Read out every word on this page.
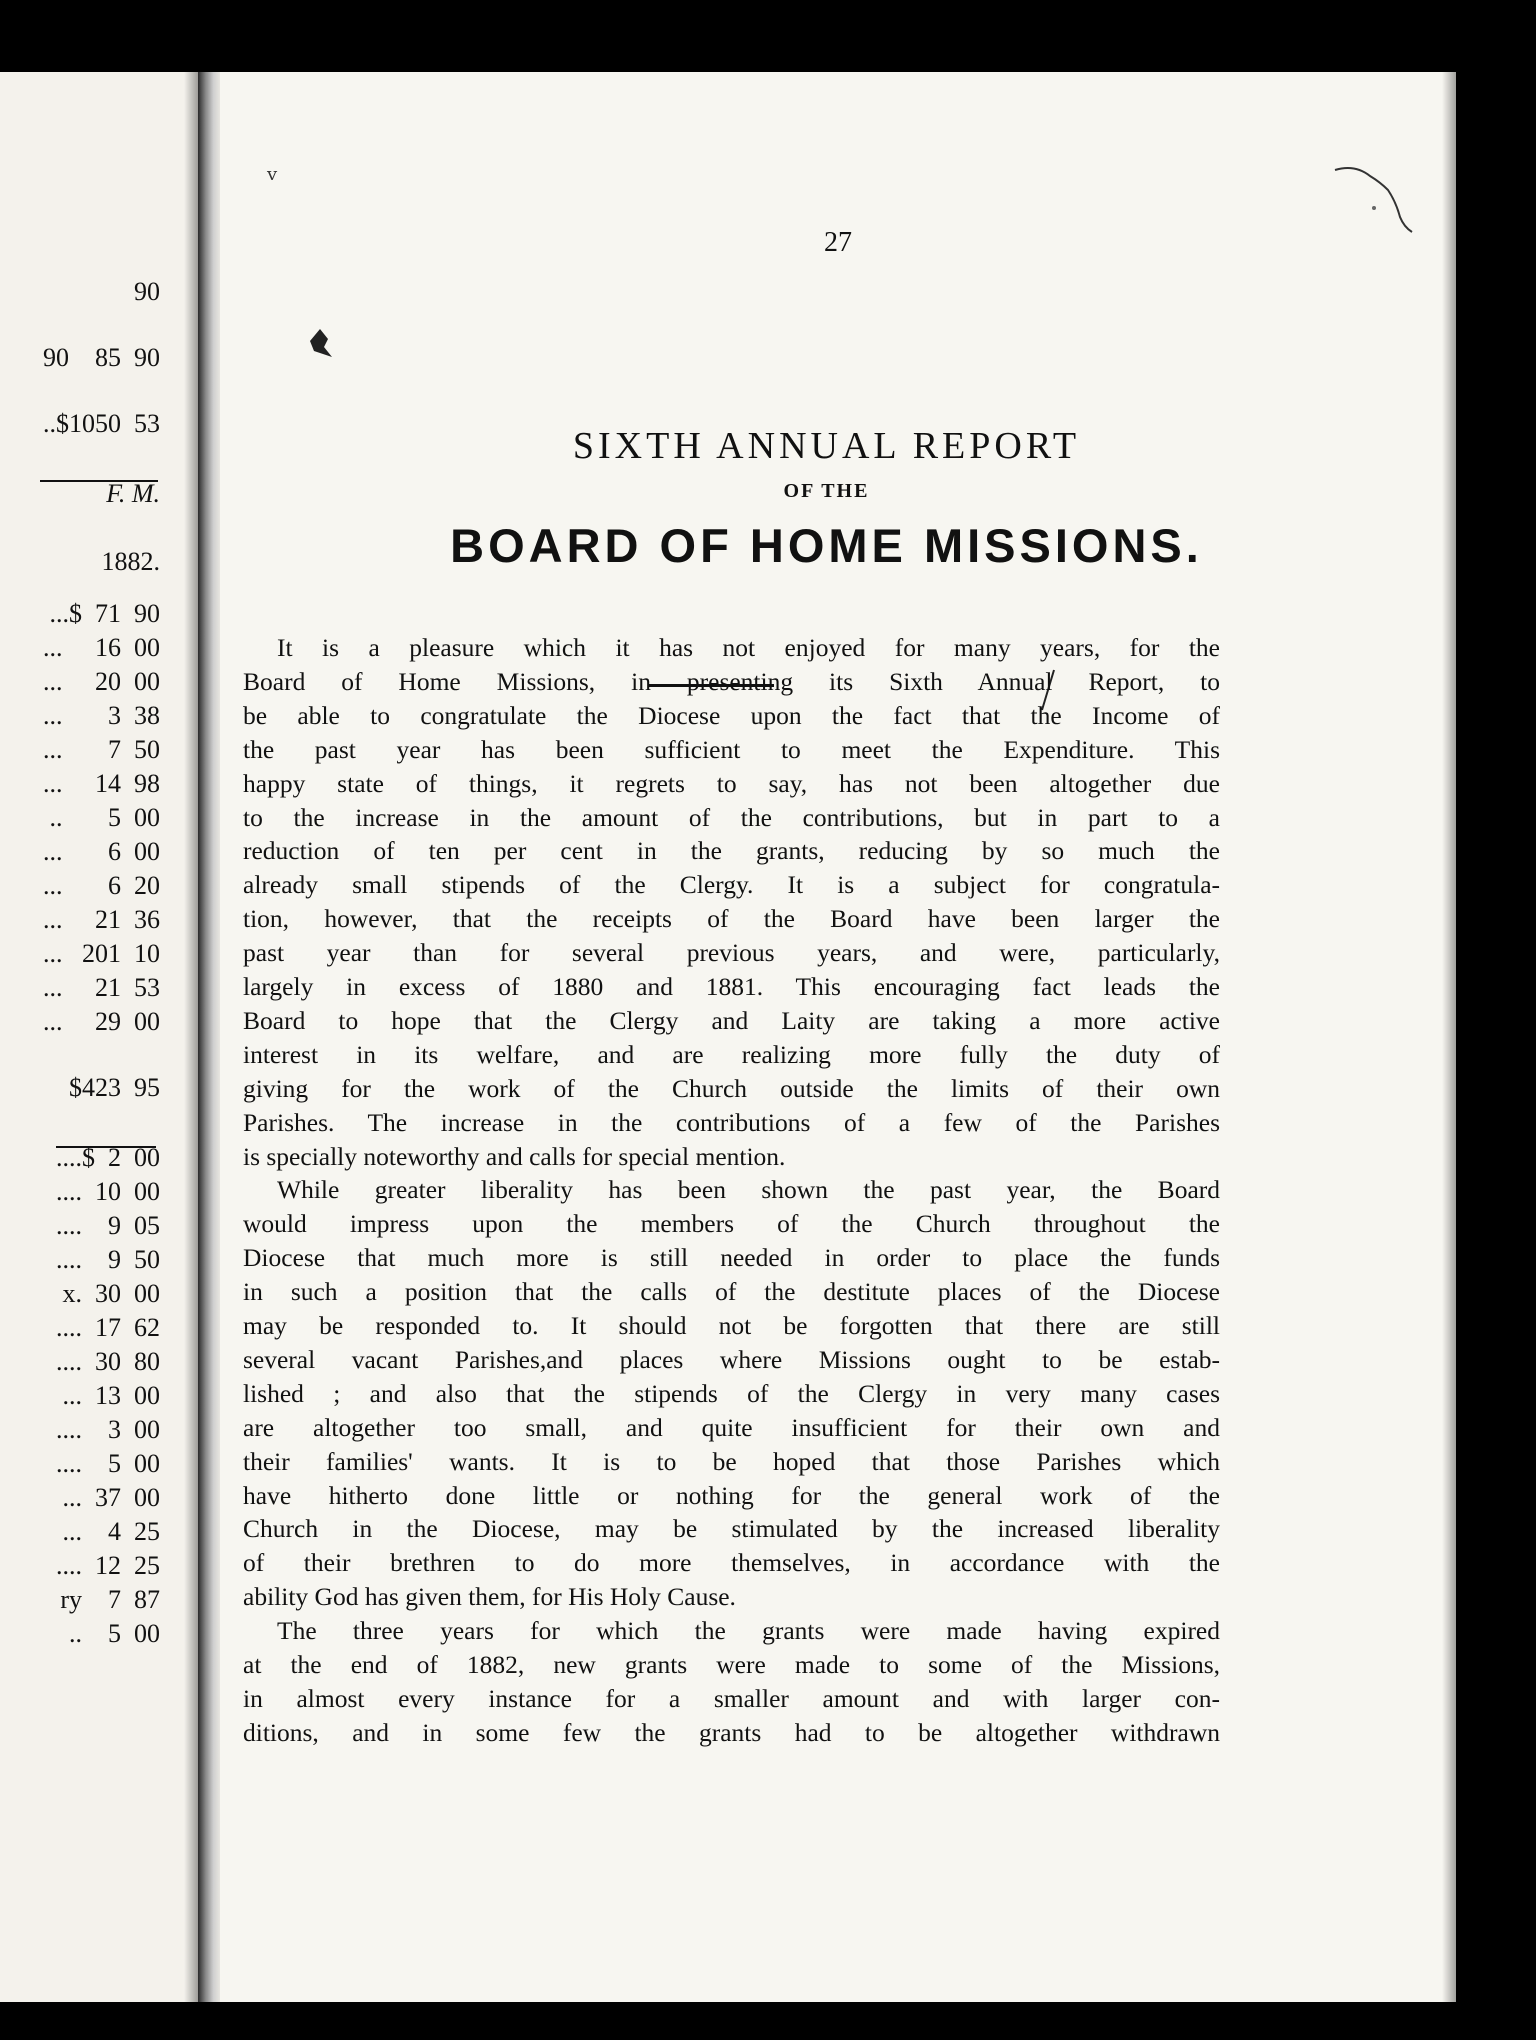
90
90    85  90
..$1050  53
F. M.
1882.
...$  71  90
...     16  00
...     20  00
...       3  38
...       7  50
...     14  98
..       5  00
...       6  00
...       6  20
...     21  36
...   201  10
...     21  53
...     29  00
$423  95
....$  2  00
....  10  00
....    9  05
....    9  50
x.  30  00
....  17  62
....  30  80
...  13  00
....    3  00
....    5  00
...  37  00
...    4  25
....  12  25
ry    7  87
..    5  00
v
27
SIXTH ANNUAL REPORT
OF THE
BOARD OF HOME MISSIONS.
It is a pleasure which it has not enjoyed for many years, for the
Board of Home Missions, in presenting its Sixth Annual Report, to
be able to congratulate the Diocese upon the fact that the Income of
the past year has been sufficient to meet the Expenditure. This
happy state of things, it regrets to say, has not been altogether due
to the increase in the amount of the contributions, but in part to a
reduction of ten per cent in the grants, reducing by so much the
already small stipends of the Clergy. It is a subject for congratula-
tion, however, that the receipts of the Board have been larger the
past year than for several previous years, and were, particularly,
largely in excess of 1880 and 1881. This encouraging fact leads the
Board to hope that the Clergy and Laity are taking a more active
interest in its welfare, and are realizing more fully the duty of
giving for the work of the Church outside the limits of their own
Parishes. The increase in the contributions of a few of the Parishes
is specially noteworthy and calls for special mention.
While greater liberality has been shown the past year, the Board
would impress upon the members of the Church throughout the
Diocese that much more is still needed in order to place the funds
in such a position that the calls of the destitute places of the Diocese
may be responded to. It should not be forgotten that there are still
several vacant Parishes,and places where Missions ought to be estab-
lished ; and also that the stipends of the Clergy in very many cases
are altogether too small, and quite insufficient for their own and
their families' wants. It is to be hoped that those Parishes which
have hitherto done little or nothing for the general work of the
Church in the Diocese, may be stimulated by the increased liberality
of their brethren to do more themselves, in accordance with the
ability God has given them, for His Holy Cause.
The three years for which the grants were made having expired
at the end of 1882, new grants were made to some of the Missions,
in almost every instance for a smaller amount and with larger con-
ditions, and in some few the grants had to be altogether withdrawn
